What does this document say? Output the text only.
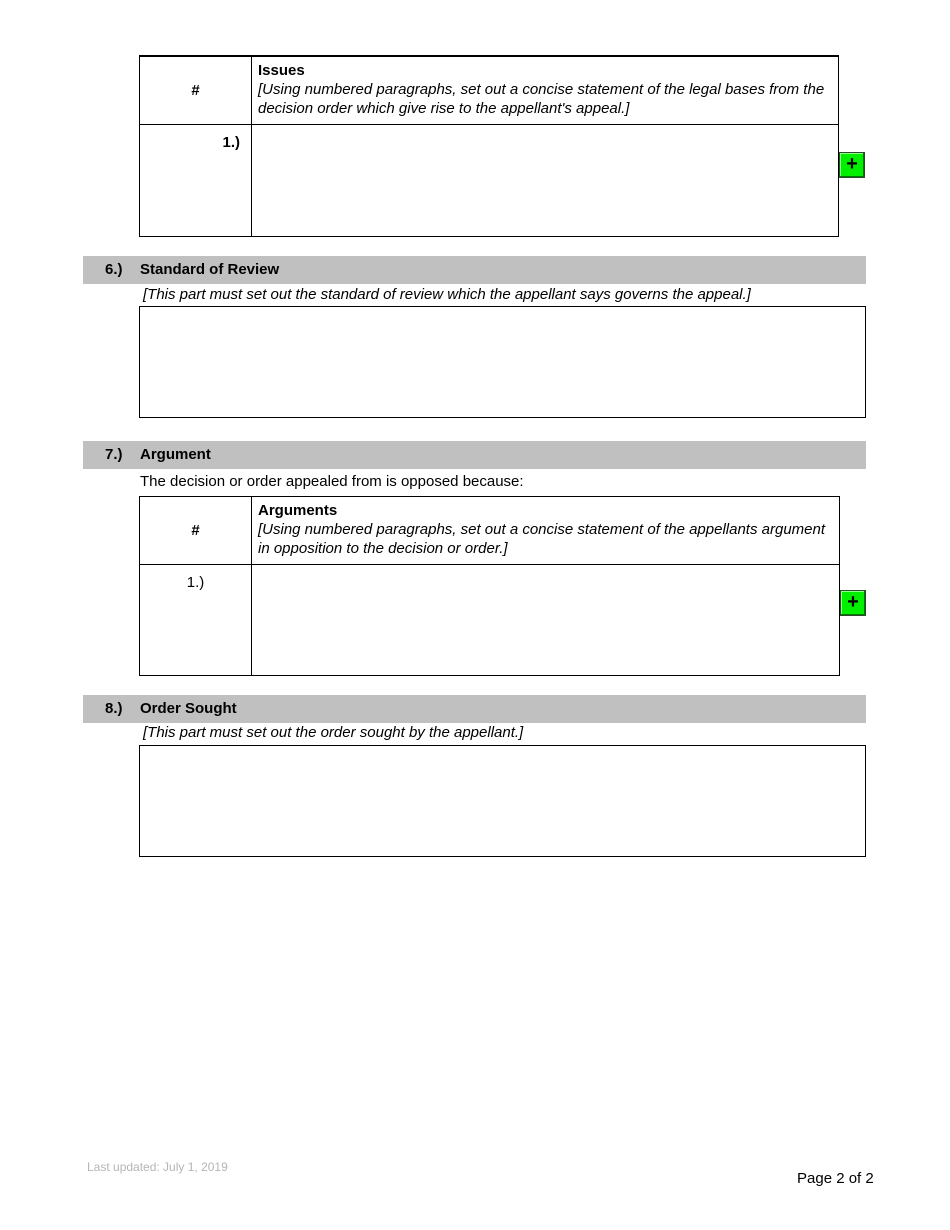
#	Issues
[Using numbered paragraphs, set out a concise statement of the legal bases from the decision order which give rise to the appellant's appeal.]

1.)	
+
6.) Standard of Review
[This part must set out the standard of review which the appellant says governs the appeal.]
7.) Argument
The decision or order appealed from is opposed because:
#	Arguments
[Using numbered paragraphs, set out a concise statement of the appellants argument in opposition to the decision or order.]

1.)	
+
8.) Order Sought
[This part must set out the order sought by the appellant.]
Last updated: July 1, 2019
Page 2 of 2
